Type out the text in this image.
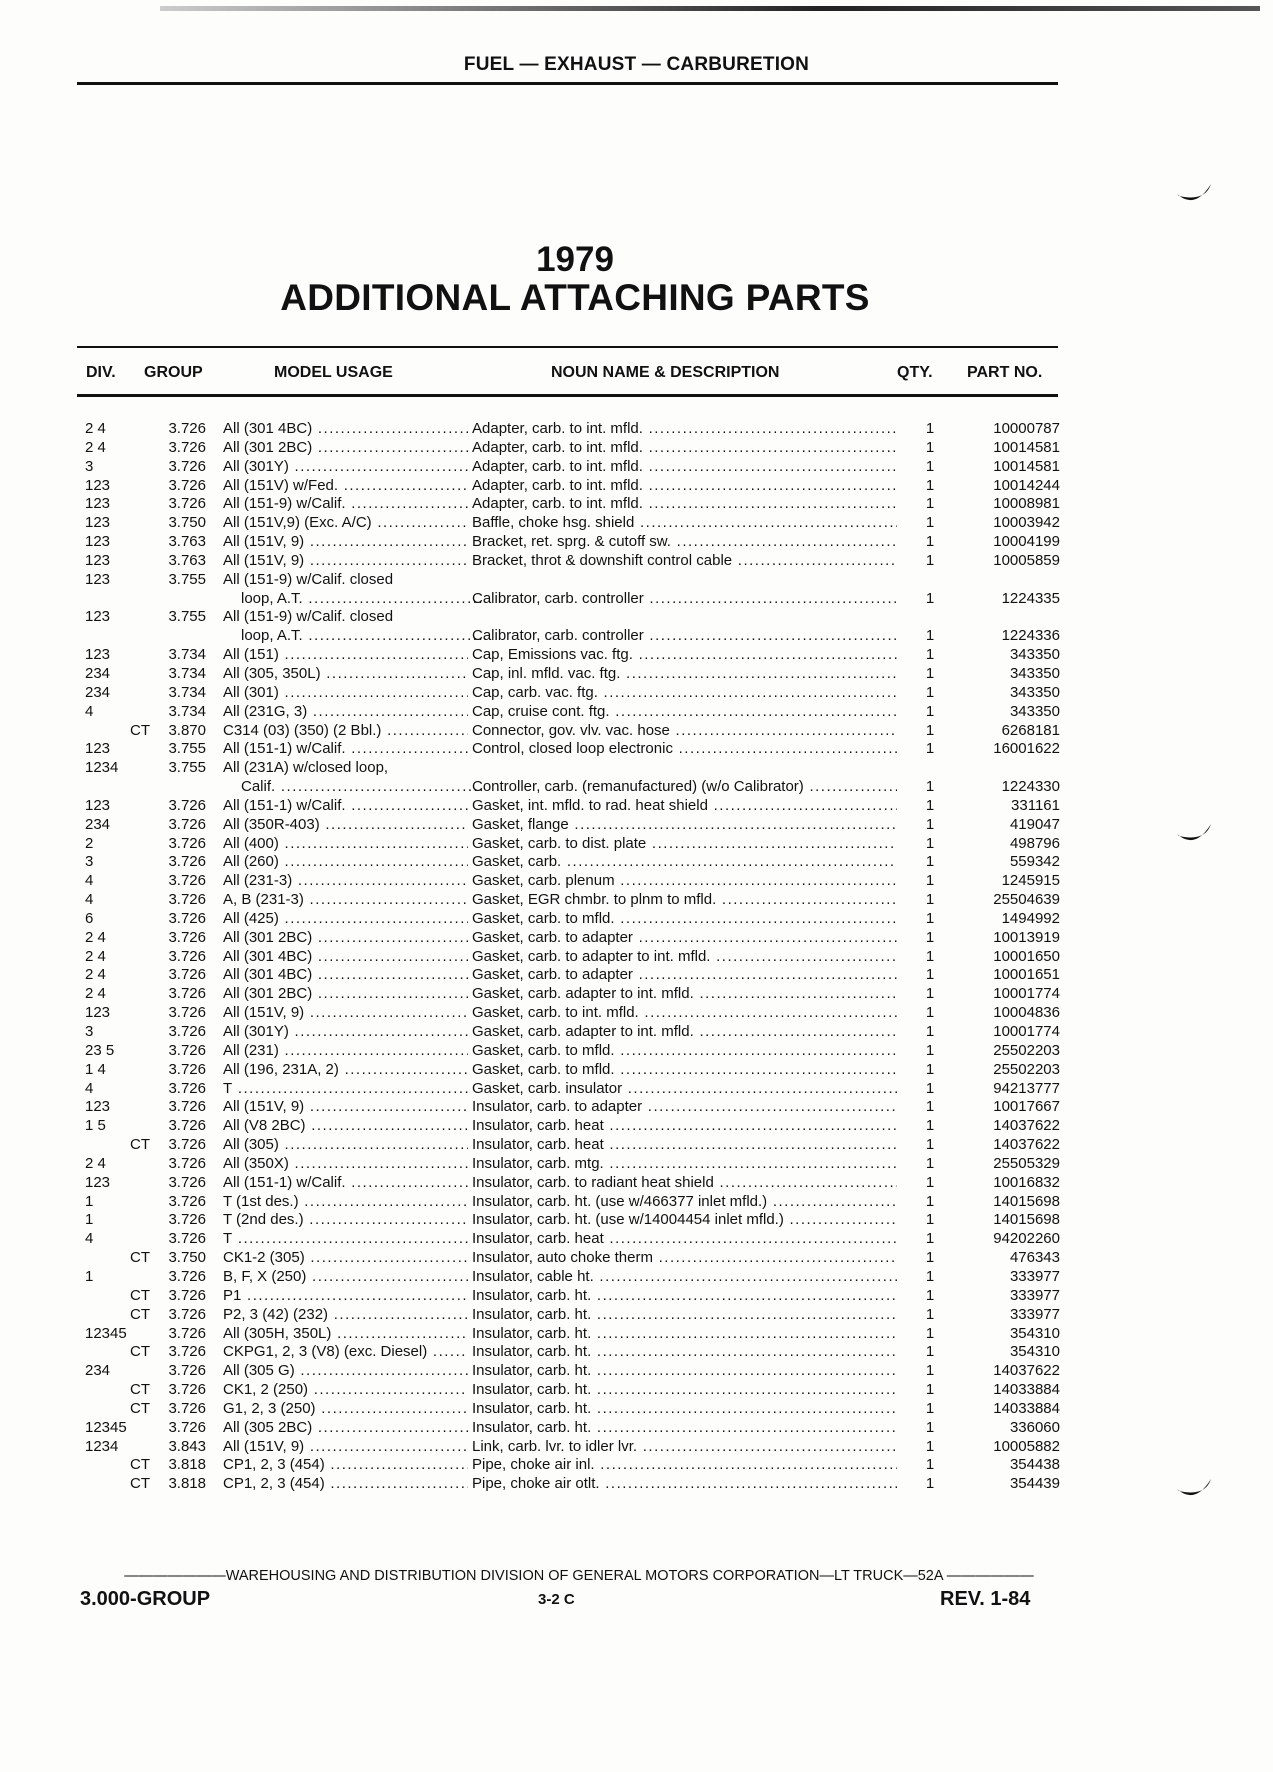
FUEL — EXHAUST — CARBURETION
1979
ADDITIONAL ATTACHING PARTS
DIV. GROUP	MODEL USAGE	NOUN NAME & DESCRIPTION	QTY. PART NO.
2 4	3.726 All (301 4BC) .....	Adapter, carb. to int. mfld. .....	1	10000787
2 4	3.726 All (301 2BC) .....	Adapter, carb. to int. mfld. .....	1	10014581
3	3.726 All (301Y) .....	Adapter, carb. to int. mfld. .....	1	10014581
123	3.726 All (151V) w/Fed. .....	Adapter, carb. to int. mfld. .....	1	10014244
123	3.726 All (151-9) w/Calif. .....	Adapter, carb. to int. mfld. .....	1	10008981
123	3.750 All (151V,9) (Exc. A/C) .....	Baffle, choke hsg. shield .....	1	10003942
123	3.763 All (151V, 9) .....	Bracket, ret. sprg. & cutoff sw. .....	1	10004199
123	3.763 All (151V, 9) .....	Bracket, throt & downshift control cable .....	1	10005859
123	3.755 All (151-9) w/Calif. closed
loop, A.T. .....	Calibrator, carb. controller .....	1	1224335
123	3.755 All (151-9) w/Calif. closed
loop, A.T. .....	Calibrator, carb. controller .....	1	1224336
123	3.734 All (151) .....	Cap, Emissions vac. ftg. .....	1	343350
234	3.734 All (305, 350L) .....	Cap, inl. mfld. vac. ftg. .....	1	343350
234	3.734 All (301) .....	Cap, carb. vac. ftg. .....	1	343350
4	3.734 All (231G, 3) .....	Cap, cruise cont. ftg. .....	1	343350
CT	3.870 C314 (03) (350) (2 Bbl.) .....	Connector, gov. vlv. vac. hose .....	1	6268181
123	3.755 All (151-1) w/Calif. .....	Control, closed loop electronic .....	1	16001622
1234	3.755 All (231A) w/closed loop,
Calif. .....	Controller, carb. (remanufactured) (w/o Calibrator) .....	1	1224330
123	3.726 All (151-1) w/Calif. .....	Gasket, int. mfld. to rad. heat shield .....	1	331161
234	3.726 All (350R-403) .....	Gasket, flange .....	1	419047
2	3.726 All (400) .....	Gasket, carb. to dist. plate .....	1	498796
3	3.726 All (260) .....	Gasket, carb. .....	1	559342
4	3.726 All (231-3) .....	Gasket, carb. plenum .....	1	1245915
4	3.726 A, B (231-3) .....	Gasket, EGR chmbr. to plnm to mfld. .....	1	25504639
6	3.726 All (425) .....	Gasket, carb. to mfld. .....	1	1494992
2 4	3.726 All (301 2BC) .....	Gasket, carb. to adapter .....	1	10013919
2 4	3.726 All (301 4BC) .....	Gasket, carb. to adapter to int. mfld. .....	1	10001650
2 4	3.726 All (301 4BC) .....	Gasket, carb. to adapter .....	1	10001651
2 4	3.726 All (301 2BC) .....	Gasket, carb. adapter to int. mfld. .....	1	10001774
123	3.726 All (151V, 9) .....	Gasket, carb. to int. mfld. .....	1	10004836
3	3.726 All (301Y) .....	Gasket, carb. adapter to int. mfld. .....	1	10001774
23 5	3.726 All (231) .....	Gasket, carb. to mfld. .....	1	25502203
1 4	3.726 All (196, 231A, 2) .....	Gasket, carb. to mfld. .....	1	25502203
4	3.726 T .....	Gasket, carb. insulator .....	1	94213777
123	3.726 All (151V, 9) .....	Insulator, carb. to adapter .....	1	10017667
1 5	3.726 All (V8 2BC) .....	Insulator, carb. heat .....	1	14037622
CT	3.726 All (305) .....	Insulator, carb. heat .....	1	14037622
2 4	3.726 All (350X) .....	Insulator, carb. mtg. .....	1	25505329
123	3.726 All (151-1) w/Calif. .....	Insulator, carb. to radiant heat shield .....	1	10016832
1	3.726 T (1st des.) .....	Insulator, carb. ht. (use w/466377 inlet mfld.) .....	1	14015698
1	3.726 T (2nd des.) .....	Insulator, carb. ht. (use w/14004454 inlet mfld.) .....	1	14015698
4	3.726 T .....	Insulator, carb. heat .....	1	94202260
CT	3.750 CK1-2 (305) .....	Insulator, auto choke therm .....	1	476343
1	3.726 B, F, X (250) .....	Insulator, cable ht. .....	1	333977
CT	3.726 P1 .....	Insulator, carb. ht. .....	1	333977
CT	3.726 P2, 3 (42) (232) .....	Insulator, carb. ht. .....	1	333977
12345	3.726 All (305H, 350L) .....	Insulator, carb. ht. .....	1	354310
CT	3.726 CKPG1, 2, 3 (V8) (exc. Diesel) .....	Insulator, carb. ht. .....	1	354310
234	3.726 All (305 G) .....	Insulator, carb. ht. .....	1	14037622
CT	3.726 CK1, 2 (250) .....	Insulator, carb. ht. .....	1	14033884
CT	3.726 G1, 2, 3 (250) .....	Insulator, carb. ht. .....	1	14033884
12345	3.726 All (305 2BC) .....	Insulator, carb. ht. .....	1	336060
1234	3.843 All (151V, 9) .....	Link, carb. lvr. to idler lvr. .....	1	10005882
CT	3.818 CP1, 2, 3 (454) .....	Pipe, choke air inl. .....	1	354438
CT	3.818 CP1, 2, 3 (454) .....	Pipe, choke air otlt. .....	1	354439
———————WAREHOUSING AND DISTRIBUTION DIVISION OF GENERAL MOTORS CORPORATION—LT TRUCK—52A ——————
3.000-GROUP	3-2 C	REV. 1-84
